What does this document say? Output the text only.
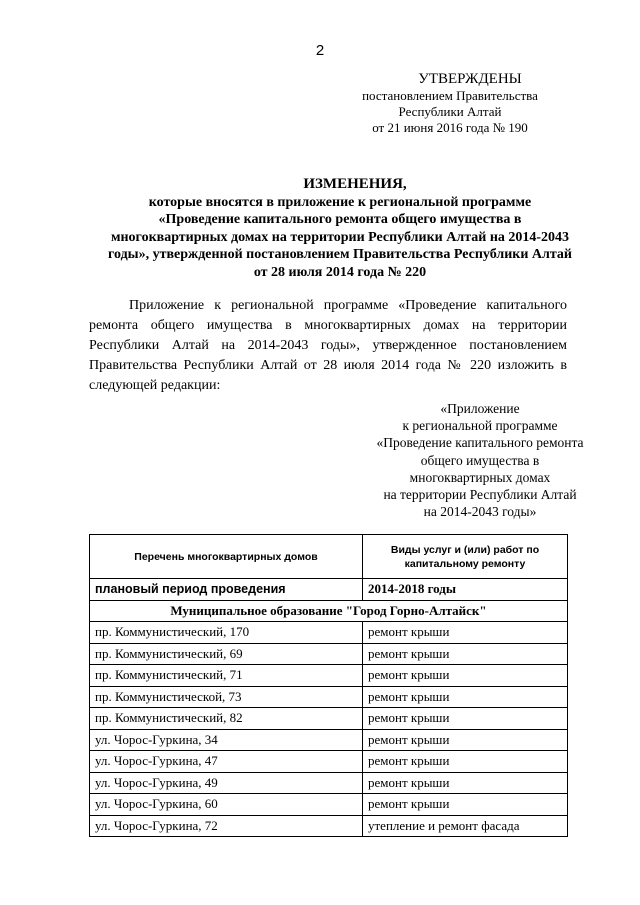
2
УТВЕРЖДЕНЫ
постановлением Правительства
Республики Алтай
от 21 июня 2016 года № 190
ИЗМЕНЕНИЯ,
которые вносятся в приложение к региональной программе
«Проведение капитального ремонта общего имущества в
многоквартирных домах на территории Республики Алтай на 2014-2043
годы», утвержденной постановлением Правительства Республики Алтай
от 28 июля 2014 года № 220
Приложение к региональной программе «Проведение капитального ремонта общего имущества в многоквартирных домах на территории Республики Алтай на 2014-2043 годы», утвержденное постановлением Правительства Республики Алтай от 28 июля 2014 года № 220 изложить в следующей редакции:
«Приложение
к региональной программе
«Проведение капитального ремонта
общего имущества в
многоквартирных домах
на территории Республики Алтай
на 2014-2043 годы»
Перечень многоквартирных домов	Виды услуг и (или) работ по капитальному ремонту
плановый период проведения	2014-2018 годы
Муниципальное образование "Город Горно-Алтайск"	
пр. Коммунистический, 170	ремонт крыши
пр. Коммунистический, 69	ремонт крыши
пр. Коммунистический, 71	ремонт крыши
пр. Коммунистической, 73	ремонт крыши
пр. Коммунистический, 82	ремонт крыши
ул. Чорос-Гуркина, 34	ремонт крыши
ул. Чорос-Гуркина, 47	ремонт крыши
ул. Чорос-Гуркина, 49	ремонт крыши
ул. Чорос-Гуркина, 60	ремонт крыши
ул. Чорос-Гуркина, 72	утепление и ремонт фасада
